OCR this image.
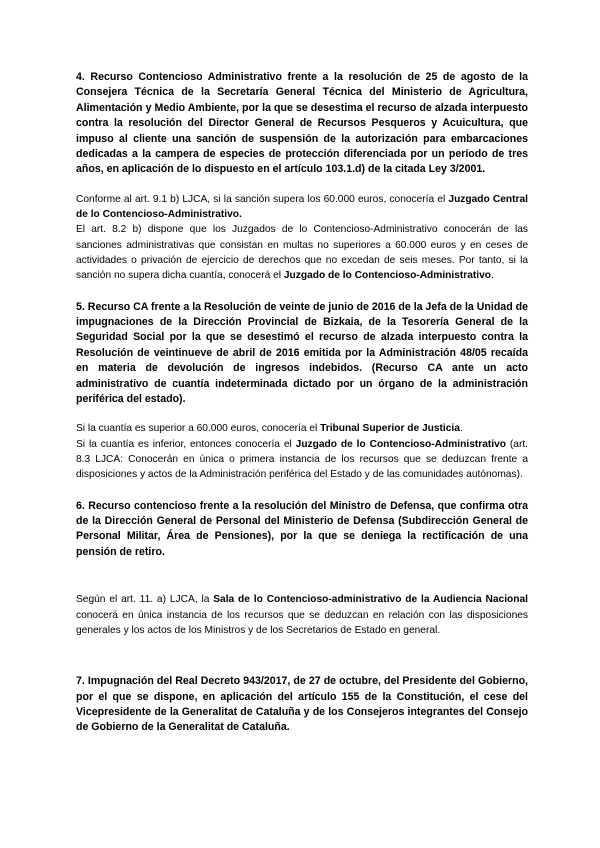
4. Recurso Contencioso Administrativo frente a la resolución de 25 de agosto de la Consejera Técnica de la Secretaría General Técnica del Ministerio de Agricultura, Alimentación y Medio Ambiente, por la que se desestima el recurso de alzada interpuesto contra la resolución del Director General de Recursos Pesqueros y Acuicultura, que impuso al cliente una sanción de suspensión de la autorización para embarcaciones dedicadas a la campera de especies de protección diferenciada por un período de tres años, en aplicación de lo dispuesto en el artículo 103.1.d) de la citada Ley 3/2001.

Conforme al art. 9.1 b) LJCA, si la sanción supera los 60.000 euros, conocería el Juzgado Central de lo Contencioso-Administrativo.

El art. 8.2 b) dispone que los Juzgados de lo Contencioso-Administrativo conocerán de las sanciones administrativas que consistan en multas no superiores a 60.000 euros y en ceses de actividades o privación de ejercicio de derechos que no excedan de seis meses. Por tanto, si la sanción no supera dicha cuantía, conocerá el Juzgado de lo Contencioso-Administrativo.

5. Recurso CA frente a la Resolución de veinte de junio de 2016 de la Jefa de la Unidad de impugnaciones de la Dirección Provincial de Bizkaia, de la Tesorería General de la Seguridad Social por la que se desestimó el recurso de alzada interpuesto contra la Resolución de veintinueve de abril de 2016 emitida por la Administración 48/05 recaída en materia de devolución de ingresos indebidos. (Recurso CA ante un acto administrativo de cuantía indeterminada dictado por un órgano de la administración periférica del estado).

Si la cuantía es superior a 60.000 euros, conocería el Tribunal Superior de Justicia.

Si la cuantía es inferior, entonces conocería el Juzgado de lo Contencioso-Administrativo (art. 8.3 LJCA: Conocerán en única o primera instancia de los recursos que se deduzcan frente a disposiciones y actos de la Administración periférica del Estado y de las comunidades autónomas).

6. Recurso contencioso frente a la resolución del Ministro de Defensa, que confirma otra de la Dirección General de Personal del Ministerio de Defensa (Subdirección General de Personal Militar, Área de Pensiones), por la que se deniega la rectificación de una pensión de retiro.

Según el art. 11. a) LJCA, la Sala de lo Contencioso-administrativo de la Audiencia Nacional conocerá en única instancia de los recursos que se deduzcan en relación con las disposiciones generales y los actos de los Ministros y de los Secretarios de Estado en general.

7. Impugnación del Real Decreto 943/2017, de 27 de octubre, del Presidente del Gobierno, por el que se dispone, en aplicación del artículo 155 de la Constitución, el cese del Vicepresidente de la Generalitat de Cataluña y de los Consejeros integrantes del Consejo de Gobierno de la Generalitat de Cataluña.
